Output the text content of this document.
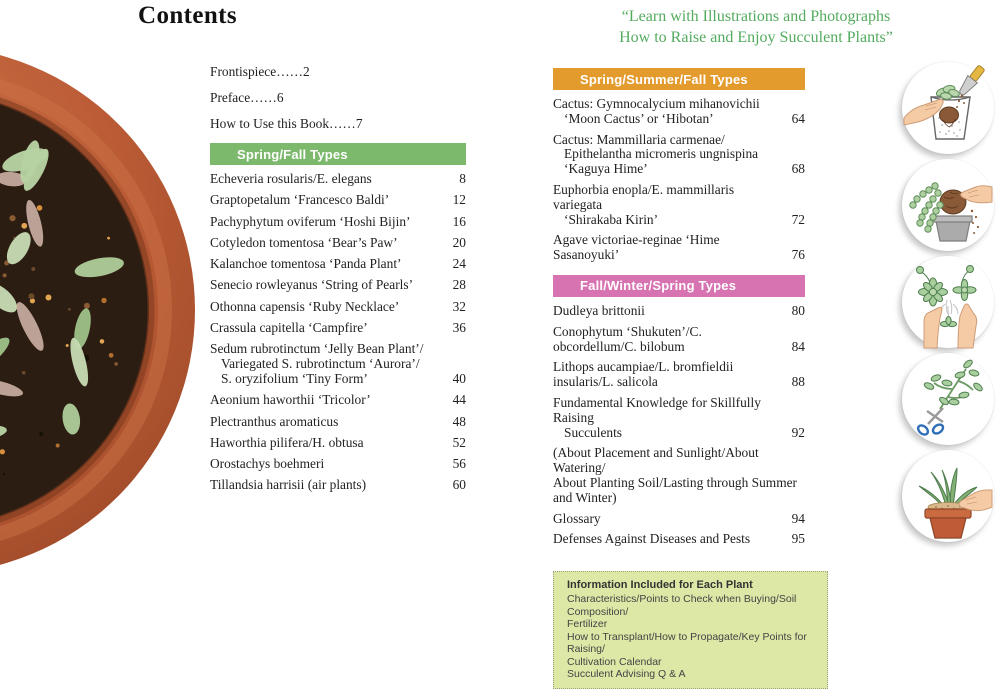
Contents	“Learn with Illustrations and Photographs
How to Raise and Enjoy Succulent Plants”
Frontispiece……2
Preface……6
How to Use this Book……7
Spring/Fall Types
Echeveria rosularis/E. elegans	8
Graptopetalum ‘Francesco Baldi’	12
Pachyphytum oviferum ‘Hoshi Bijin’	16
Cotyledon tomentosa ‘Bear’s Paw’	20
Kalanchoe tomentosa ‘Panda Plant’	24
Senecio rowleyanus ‘String of Pearls’	28
Othonna capensis ‘Ruby Necklace’	32
Crassula capitella ‘Campfire’	36
Sedum rubrotinctum ‘Jelly Bean Plant’/
Variegated S. rubrotinctum ‘Aurora’/
S. oryzifolium ‘Tiny Form’	40
Aeonium haworthii ‘Tricolor’	44
Plectranthus aromaticus	48
Haworthia pilifera/H. obtusa	52
Orostachys boehmeri	56
Tillandsia harrisii (air plants)	60
Spring/Summer/Fall Types
Cactus: Gymnocalycium mihanovichii
‘Moon Cactus’ or ‘Hibotan’	64
Cactus: Mammillaria carmenae/
Epithelantha micromeris ungnispina ‘Kaguya Hime’	68
Euphorbia enopla/E. mammillaris variegata
‘Shirakaba Kirin’	72
Agave victoriae-reginae ‘Hime Sasanoyuki’	76
Fall/Winter/Spring Types
Dudleya brittonii	80
Conophytum ‘Shukuten’/C. obcordellum/C. bilobum	84
Lithops aucampiae/L. bromfieldii insularis/L. salicola	88
Fundamental Knowledge for Skillfully Raising
Succulents	92
(About Placement and Sunlight/About Watering/
About Planting Soil/Lasting through Summer and Winter)
Glossary	94
Defenses Against Diseases and Pests	95
Information Included for Each Plant
Characteristics/Points to Check when Buying/Soil Composition/
Fertilizer
How to Transplant/How to Propagate/Key Points for Raising/
Cultivation Calendar
Succulent Advising Q & A
